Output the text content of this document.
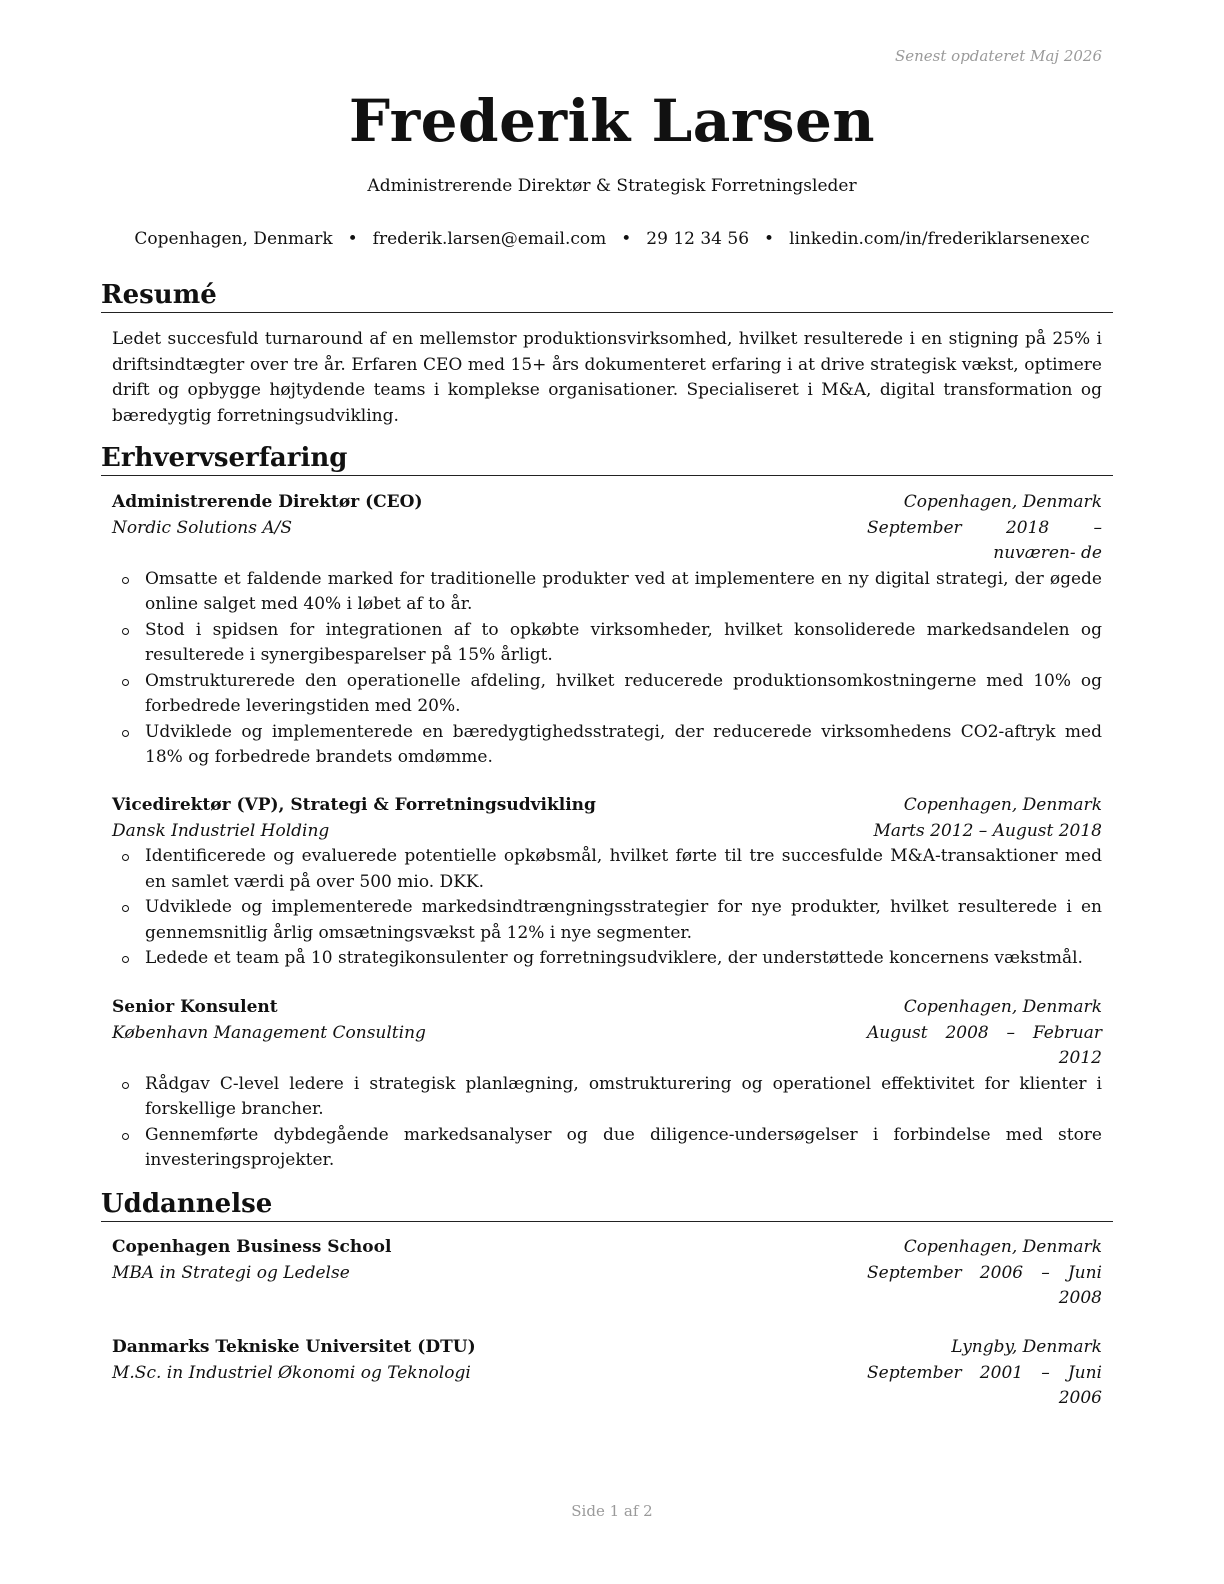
Senest opdateret Maj 2026
Frederik Larsen
Administrerende Direktør & Strategisk Forretningsleder
Copenhagen, Denmark • frederik.larsen@email.com • 29 12 34 56 • linkedin.com/in/frederiklarsenexec
Resumé
Ledet succesfuld turnaround af en mellemstor produktionsvirksomhed, hvilket resulterede i en stigning på 25% i driftsindtægter over tre år. Erfaren CEO med 15+ års dokumenteret erfaring i at drive strategisk vækst, optimere drift og opbygge højtydende teams i komplekse organisationer. Specialiseret i M&A, digital transformation og bæredygtig forretningsudvikling.
Erhvervserfaring
Administrerende Direktør (CEO)	Copenhagen, Denmark
Nordic Solutions A/S	September 2018 – nuværen- de
Omsatte et faldende marked for traditionelle produkter ved at implementere en ny digital strategi, der øgede online salget med 40% i løbet af to år.
Stod i spidsen for integrationen af to opkøbte virksomheder, hvilket konsoliderede markedsandelen og resulterede i synergibesparelser på 15% årligt.
Omstrukturerede den operationelle afdeling, hvilket reducerede produktionsomkostningerne med 10% og forbedrede leveringstiden med 20%.
Udviklede og implementerede en bæredygtighedsstrategi, der reducerede virksomhedens CO2-aftryk med 18% og forbedrede brandets omdømme.
Vicedirektør (VP), Strategi & Forretningsudvikling	Copenhagen, Denmark
Dansk Industriel Holding	Marts 2012 – August 2018
Identificerede og evaluerede potentielle opkøbsmål, hvilket førte til tre succesfulde M&A-transaktioner med en samlet værdi på over 500 mio. DKK.
Udviklede og implementerede markedsindtrængningsstrategier for nye produkter, hvilket resulterede i en gennemsnitlig årlig omsætningsvækst på 12% i nye segmenter.
Ledede et team på 10 strategikonsulenter og forretningsudviklere, der understøttede koncernens vækstmål.
Senior Konsulent	Copenhagen, Denmark
København Management Consulting	August 2008 – Februar 2012
Rådgav C-level ledere i strategisk planlægning, omstrukturering og operationel effektivitet for klienter i forskellige brancher.
Gennemførte dybdegående markedsanalyser og due diligence-undersøgelser i forbindelse med store investeringsprojekter.
Uddannelse
Copenhagen Business School	Copenhagen, Denmark
MBA in Strategi og Ledelse	September 2006 – Juni 2008
Danmarks Tekniske Universitet (DTU)	Lyngby, Denmark
M.Sc. in Industriel Økonomi og Teknologi	September 2001 – Juni 2006
Side 1 af 2
